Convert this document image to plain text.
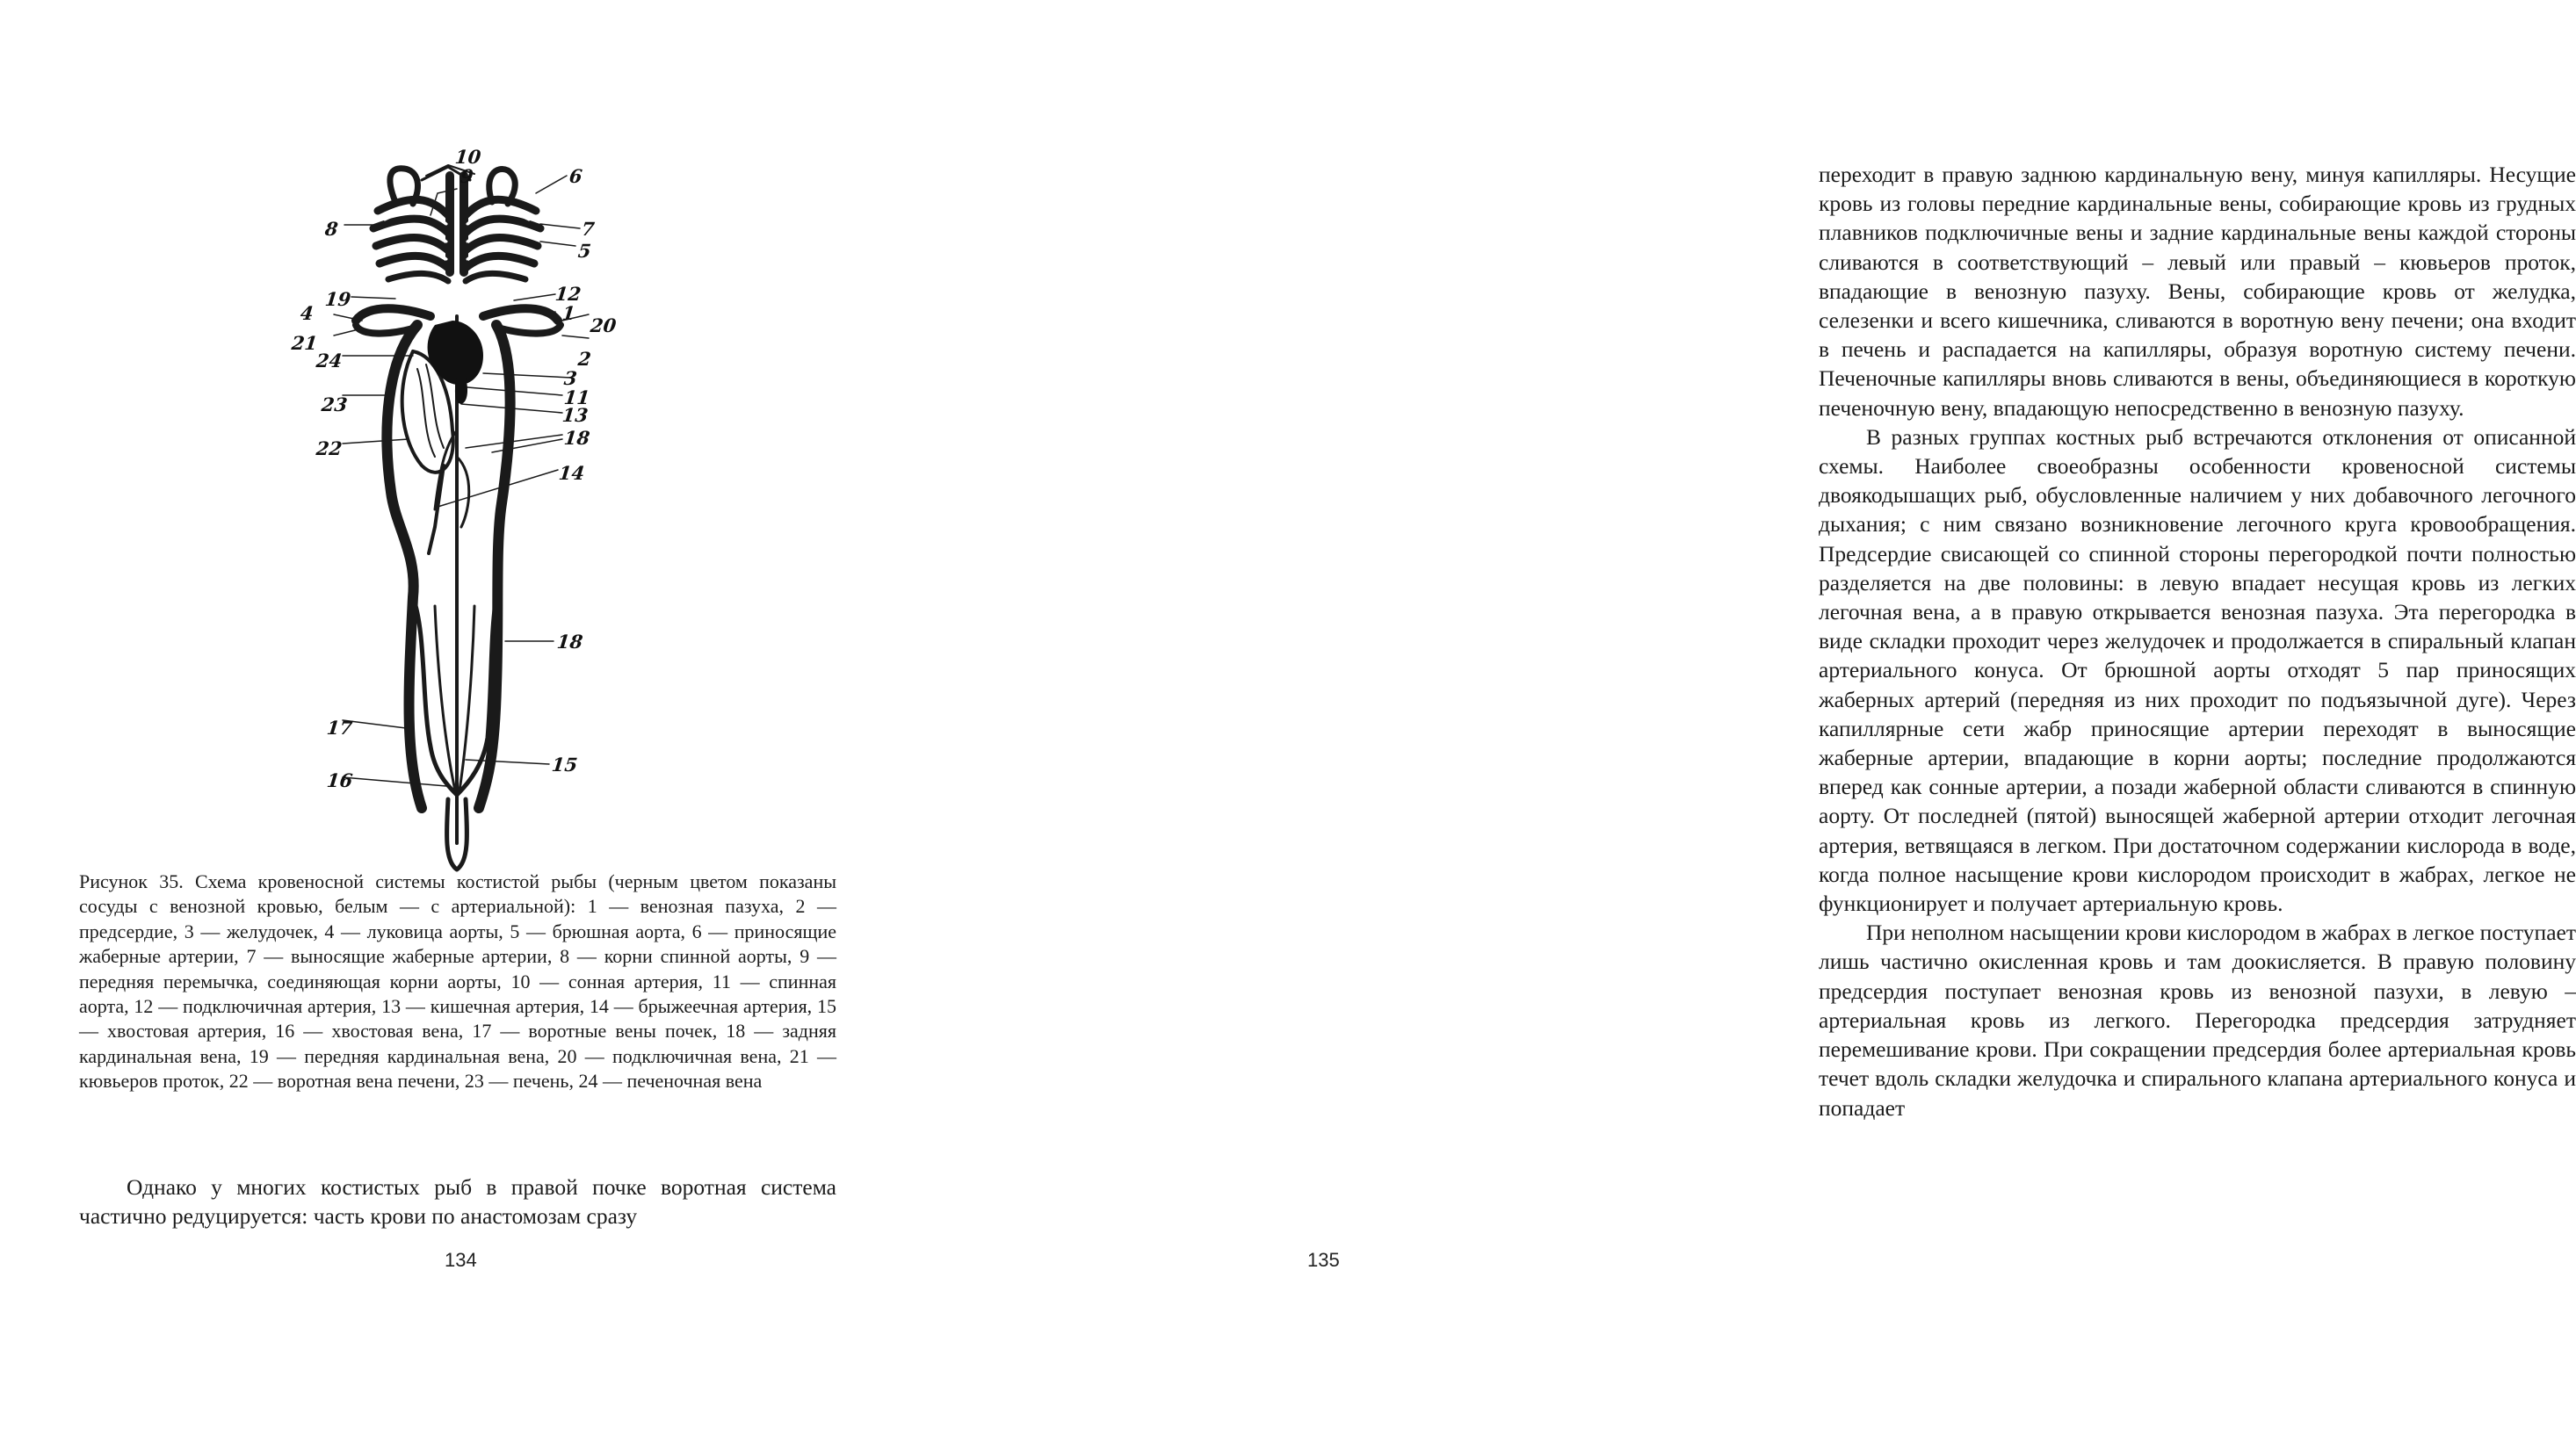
10
9	6
7
5
8
19	12
4	1
20
21
2
24
3
11
23	13
18
22
14
18
17
15
16
Рисунок 35. Схема кровеносной системы костистой рыбы (черным цветом показаны сосуды с венозной кровью, белым — с артериальной): 1 — венозная пазуха, 2 — предсердие, 3 — желудочек, 4 — луковица аорты, 5 — брюшная аорта, 6 — приносящие жаберные артерии, 7 — выносящие жаберные артерии, 8 — корни спинной аорты, 9 — передняя перемычка, соединяющая корни аорты, 10 — сонная артерия, 11 — спинная аорта, 12 — подключичная артерия, 13 — кишечная артерия, 14 — брыжеечная артерия, 15 — хвостовая артерия, 16 — хвостовая вена, 17 — воротные вены почек, 18 — задняя кардинальная вена, 19 — передняя кардинальная вена, 20 — подключичная вена, 21 — кювьеров проток, 22 — воротная вена печени, 23 — печень, 24 — печеночная вена

Однако у многих костистых рыб в правой почке воротная система частично редуцируется: часть крови по анастомозам сразу

134

переходит в правую заднюю кардинальную вену, минуя капилляры. Несущие кровь из головы передние кардинальные вены, собирающие кровь из грудных плавников подключичные вены и задние кардинальные вены каждой стороны сливаются в соответствующий – левый или правый – кювьеров проток, впадающие в венозную пазуху. Вены, собирающие кровь от желудка, селезенки и всего кишечника, сливаются в воротную вену печени; она входит в печень и распадается на капилляры, образуя воротную систему печени. Печеночные капилляры вновь сливаются в вены, объединяющиеся в короткую печеночную вену, впадающую непосредственно в венозную пазуху.

В разных группах костных рыб встречаются отклонения от описанной схемы. Наиболее своеобразны особенности кровеносной системы двоякодышащих рыб, обусловленные наличием у них добавочного легочного дыхания; с ним связано возникновение легочного круга кровообращения. Предсердие свисающей со спинной стороны перегородкой почти полностью разделяется на две половины: в левую впадает несущая кровь из легких легочная вена, а в правую открывается венозная пазуха. Эта перегородка в виде складки проходит через желудочек и продолжается в спиральный клапан артериального конуса. От брюшной аорты отходят 5 пар приносящих жаберных артерий (передняя из них проходит по подъязычной дуге). Через капиллярные сети жабр приносящие артерии переходят в выносящие жаберные артерии, впадающие в корни аорты; последние продолжаются вперед как сонные артерии, а позади жаберной области сливаются в спинную аорту. От последней (пятой) выносящей жаберной артерии отходит легочная артерия, ветвящаяся в легком. При достаточном содержании кислорода в воде, когда полное насыщение крови кислородом происходит в жабрах, легкое не функционирует и получает артериальную кровь.

При неполном насыщении крови кислородом в жабрах в легкое поступает лишь частично окисленная кровь и там доокисляется. В правую половину предсердия поступает венозная кровь из венозной пазухи, в левую – артериальная кровь из легкого. Перегородка предсердия затрудняет перемешивание крови. При сокращении предсердия более артериальная кровь течет вдоль складки желудочка и спирального клапана артериального конуса и попадает

135
